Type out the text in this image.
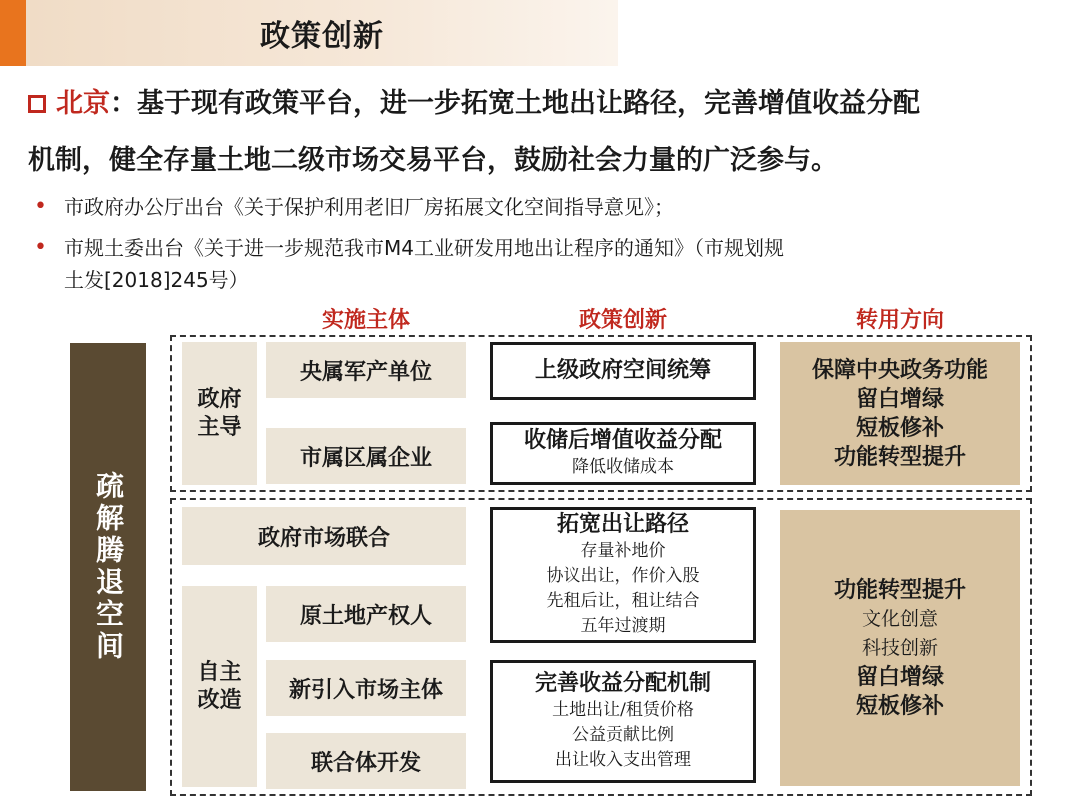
政策创新
北京：基于现有政策平台，进一步拓宽土地出让路径，完善增值收益分配
机制，健全存量土地二级市场交易平台，鼓励社会力量的广泛参与。
• 市政府办公厅出台《关于保护利用老旧厂房拓展文化空间指导意见》；
• 市规土委出台《关于进一步规范我市M4工业研发用地出让程序的通知》（市规划规
土发[2018]245号）
实施主体	政策创新	转用方向
疏解腾退空间
政府主导
央属军产单位
市属区属企业
上级政府空间统筹
收储后增值收益分配
降低收储成本
保障中央政务功能
留白增绿
短板修补
功能转型提升
政府市场联合
自主改造
原土地产权人
新引入市场主体
联合体开发
拓宽出让路径
存量补地价
协议出让，作价入股
先租后让，租让结合
五年过渡期
完善收益分配机制
土地出让/租赁价格
公益贡献比例
出让收入支出管理
功能转型提升
文化创意
科技创新
留白增绿
短板修补
